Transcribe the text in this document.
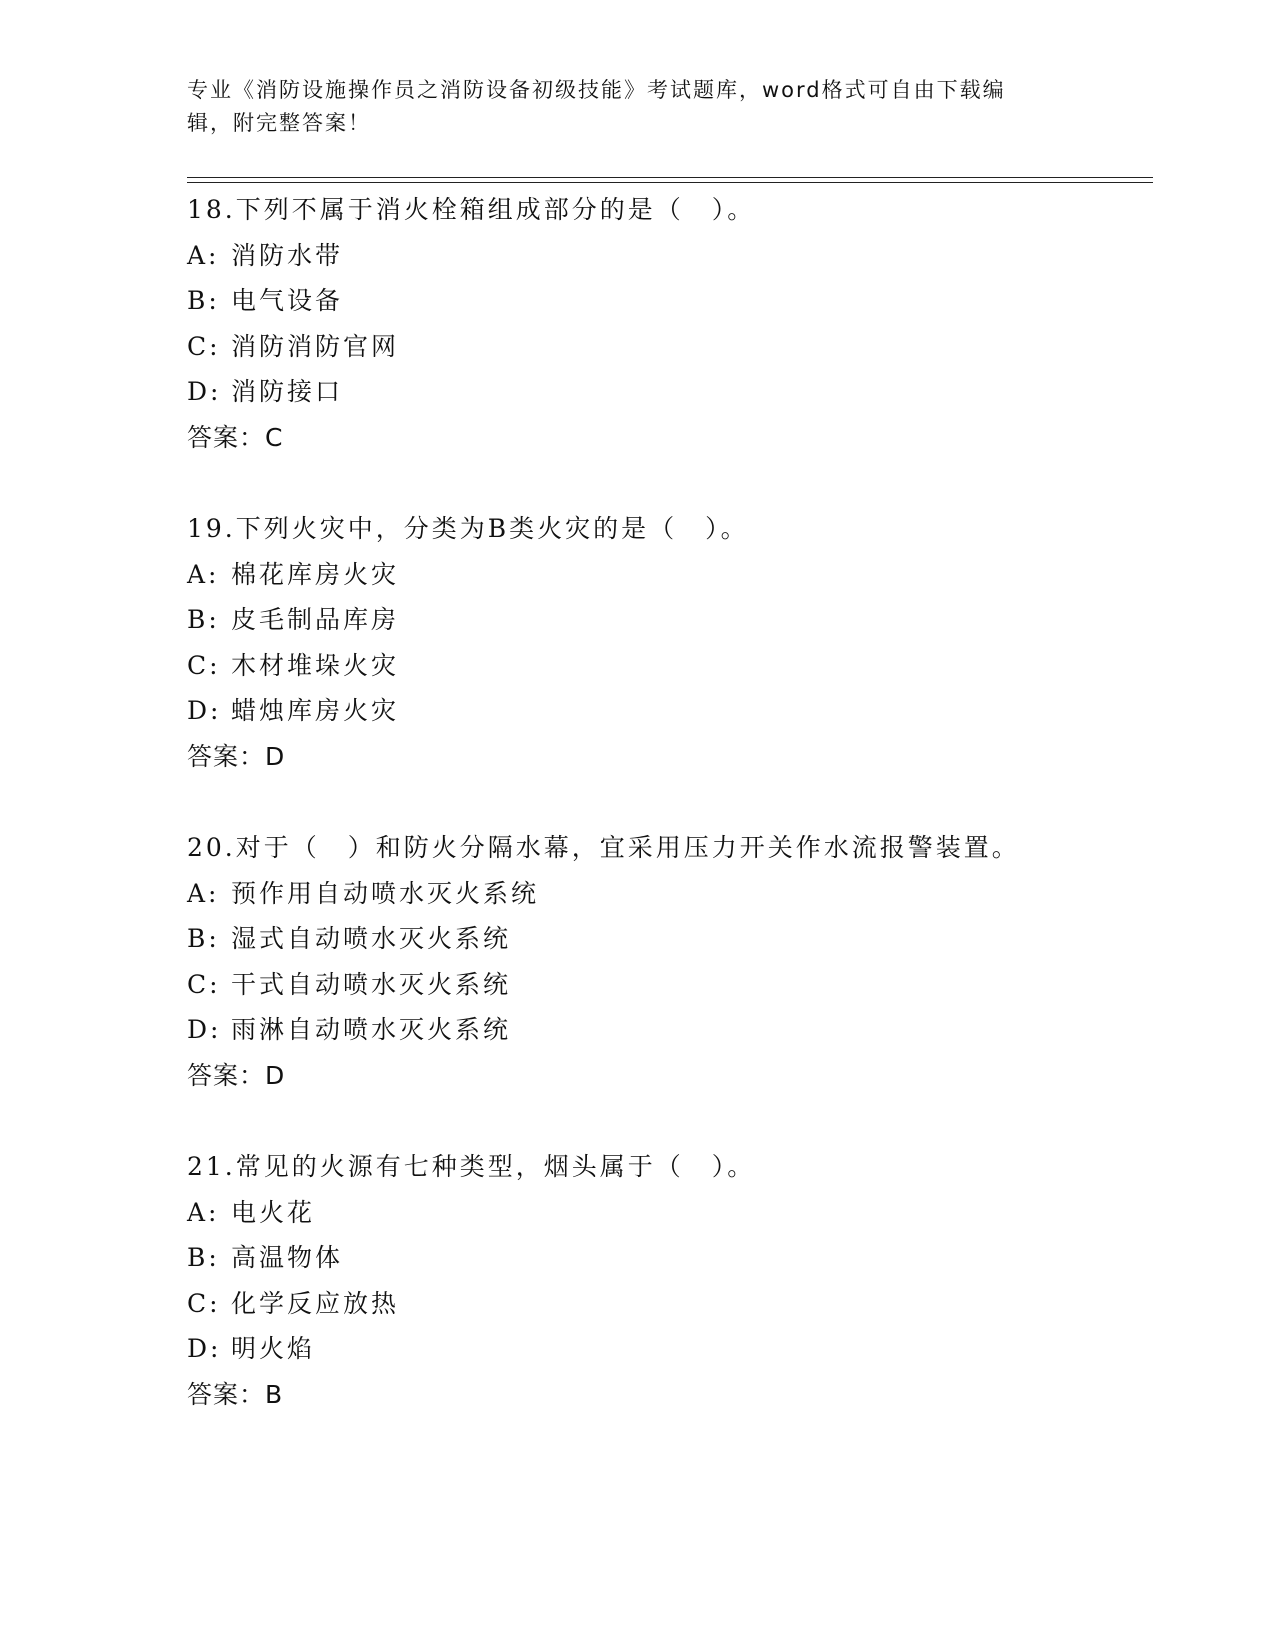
专业《消防设施操作员之消防设备初级技能》考试题库，word格式可自由下载编
辑，附完整答案！
18.下列不属于消火栓箱组成部分的是（　）。
A: 消防水带
B: 电气设备
C: 消防消防官网
D: 消防接口
答案：C
19.下列火灾中，分类为B类火灾的是（　）。
A: 棉花库房火灾
B: 皮毛制品库房
C: 木材堆垛火灾
D: 蜡烛库房火灾
答案：D
20.对于（　）和防火分隔水幕，宜采用压力开关作水流报警装置。
A: 预作用自动喷水灭火系统
B: 湿式自动喷水灭火系统
C: 干式自动喷水灭火系统
D: 雨淋自动喷水灭火系统
答案：D
21.常见的火源有七种类型，烟头属于（　）。
A: 电火花
B: 高温物体
C: 化学反应放热
D: 明火焰
答案：B
